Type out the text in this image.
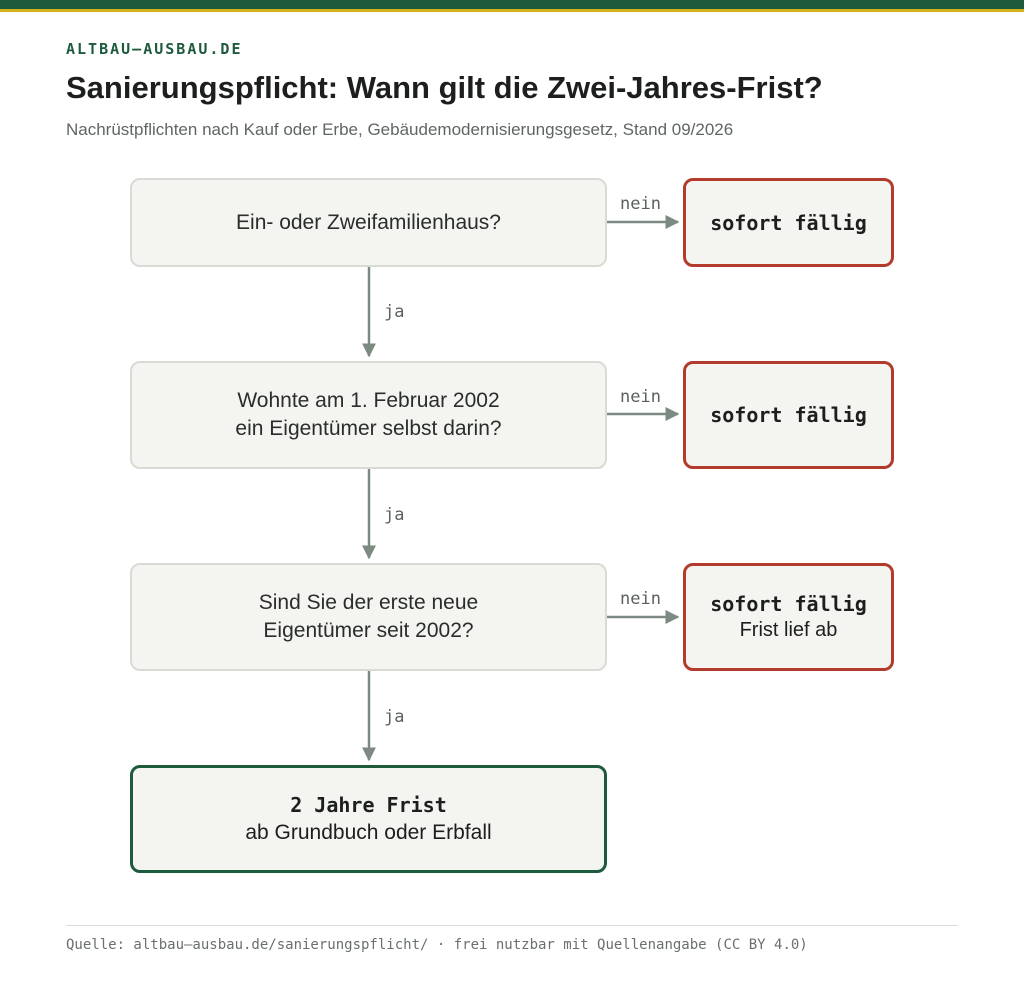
ALTBAU–AUSBAU.DE
Sanierungspflicht: Wann gilt die Zwei-Jahres-Frist?
Nachrüstpflichten nach Kauf oder Erbe, Gebäudemodernisierungsgesetz, Stand 09/2026
Ein- oder Zweifamilienhaus?
Wohnte am 1. Februar 2002
ein Eigentümer selbst darin?
Sind Sie der erste neue
Eigentümer seit 2002?
sofort fällig
sofort fällig
sofort fällig
Frist lief ab
2 Jahre Frist
ab Grundbuch oder Erbfall
nein
nein
nein
ja
ja
ja
Quelle: altbau–ausbau.de/sanierungspflicht/ · frei nutzbar mit Quellenangabe (CC BY 4.0)
